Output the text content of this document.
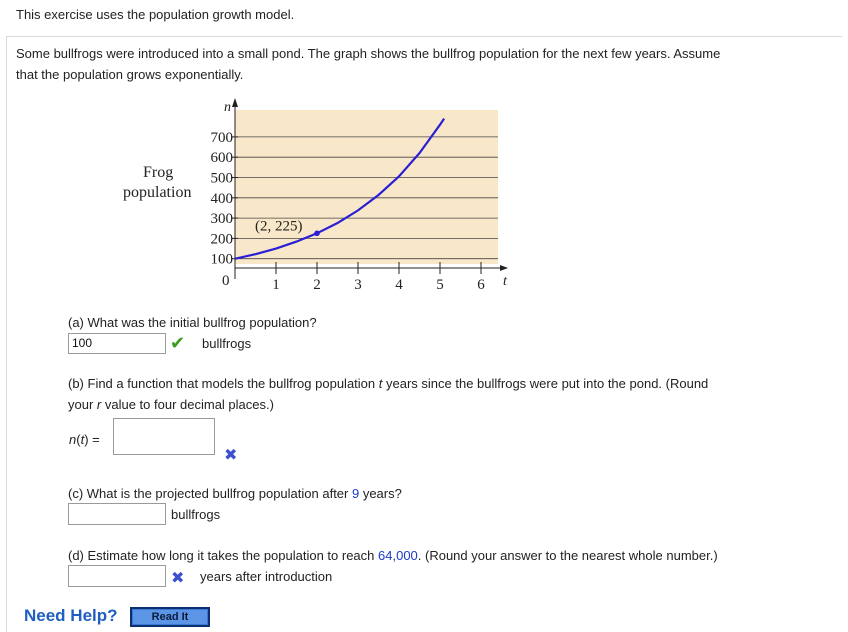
This exercise uses the population growth model.
Some bullfrogs were introduced into a small pond. The graph shows the bullfrog population for the next few years. Assume
that the population grows exponentially.
Frog
population
100
200
300
400
500
600
700
1 2 3 4 5 6
n
t
0
(2, 225)
(a) What was the initial bullfrog population?
100	✔ bullfrogs
(b) Find a function that models the bullfrog population t years since the bullfrogs were put into the pond. (Round
your r value to four decimal places.)
n(t) =
✖
(c) What is the projected bullfrog population after 9 years?
bullfrogs
(d) Estimate how long it takes the population to reach 64,000. (Round your answer to the nearest whole number.)
✖ years after introduction
Need Help?	Read It
